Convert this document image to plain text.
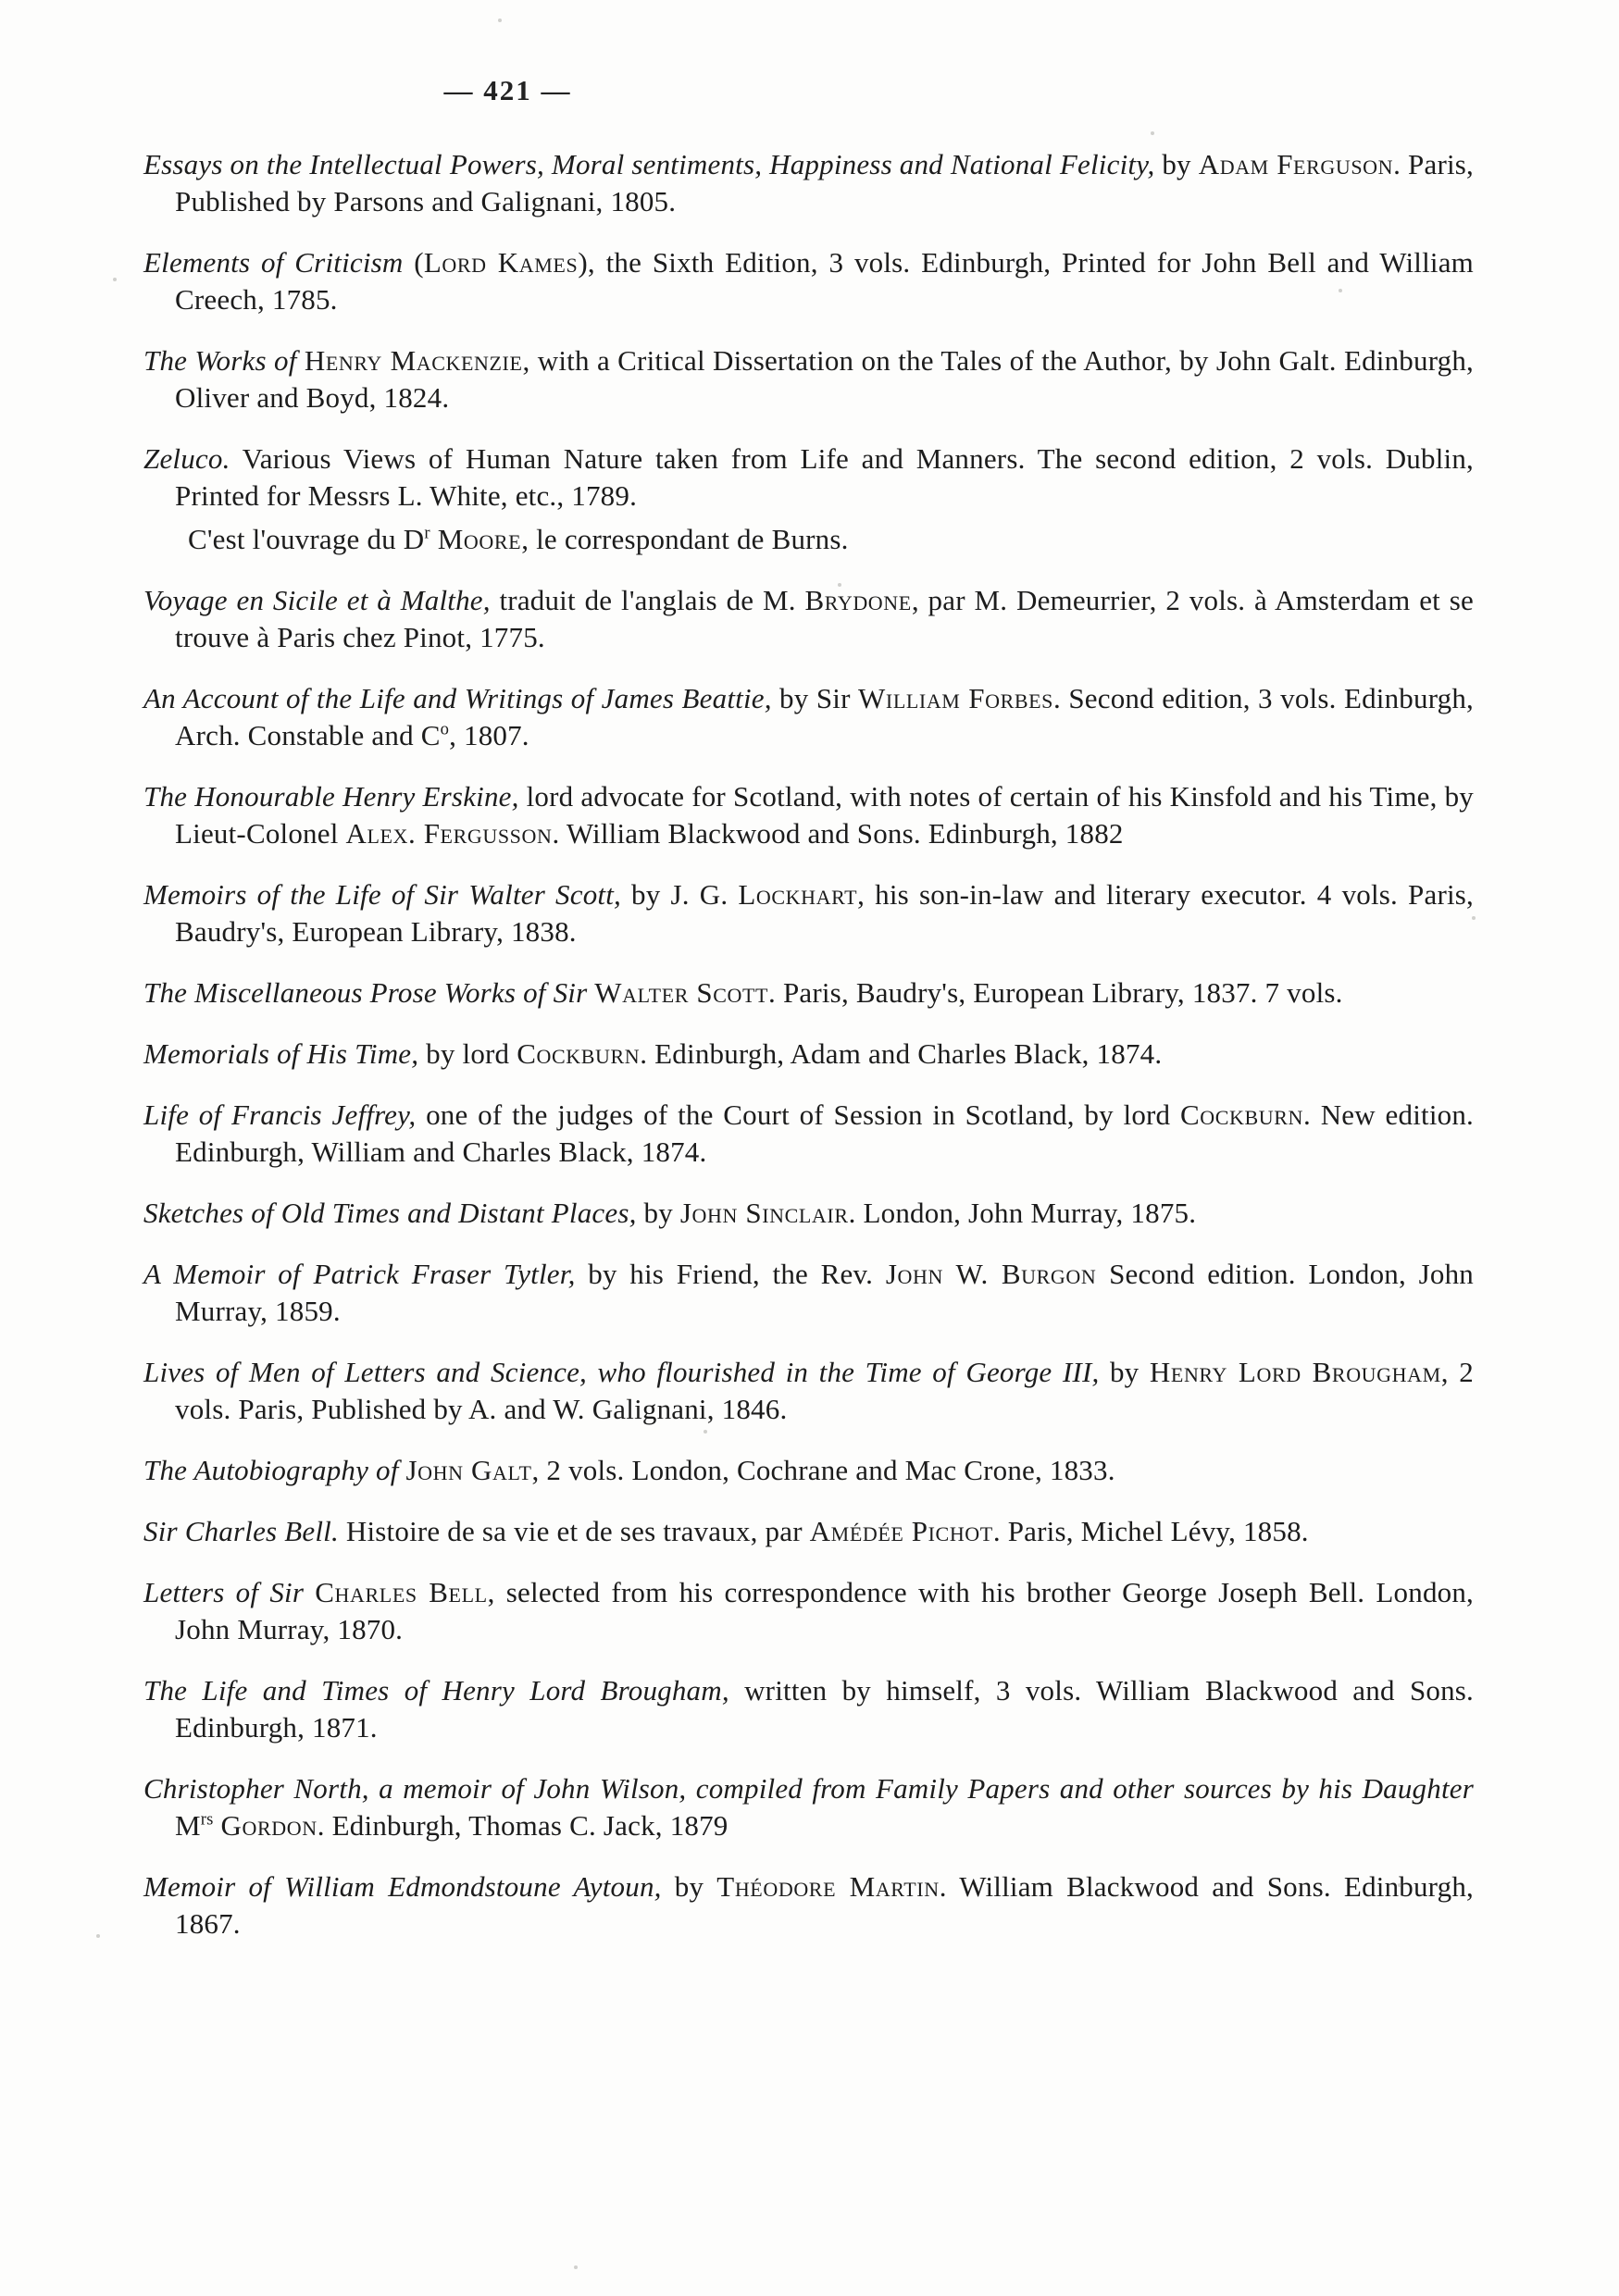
— 421 —

Essays on the Intellectual Powers, Moral sentiments, Happiness and National Felicity, by Adam Ferguson. Paris, Published by Parsons and Galignani, 1805.

Elements of Criticism (Lord Kames), the Sixth Edition, 3 vols. Edinburgh, Printed for John Bell and William Creech, 1785.

The Works of Henry Mackenzie, with a Critical Dissertation on the Tales of the Author, by John Galt. Edinburgh, Oliver and Boyd, 1824.

Zeluco. Various Views of Human Nature taken from Life and Manners. The second edition, 2 vols. Dublin, Printed for Messrs L. White, etc., 1789.

C'est l'ouvrage du $D^r$ Moore, le correspondant de Burns.

Voyage en Sicile et à Malthe, traduit de l'anglais de M. Brydone, par M. Demeurrier, 2 vols. à Amsterdam et se trouve à Paris chez Pinot, 1775.

An Account of the Life and Writings of James Beattie, by Sir William Forbes. Second edition, 3 vols. Edinburgh, Arch. Constable and $C^o$, 1807.

The Honourable Henry Erskine, lord advocate for Scotland, with notes of certain of his Kinsfold and his Time, by Lieut-Colonel Alex. Fergusson. William Blackwood and Sons. Edinburgh, 1882

Memoirs of the Life of Sir Walter Scott, by J. G. Lockhart, his son-in-law and literary executor. 4 vols. Paris, Baudry's, European Library, 1838.

The Miscellaneous Prose Works of Sir Walter Scott. Paris, Baudry's, European Library, 1837. 7 vols.

Memorials of His Time, by lord Cockburn. Edinburgh, Adam and Charles Black, 1874.

Life of Francis Jeffrey, one of the judges of the Court of Session in Scotland, by lord Cockburn. New edition. Edinburgh, William and Charles Black, 1874.

Sketches of Old Times and Distant Places, by John Sinclair. London, John Murray, 1875.

A Memoir of Patrick Fraser Tytler, by his Friend, the Rev. John W. Burgon Second edition. London, John Murray, 1859.

Lives of Men of Letters and Science, who flourished in the Time of George III, by Henry Lord Brougham, 2 vols. Paris, Published by A. and W. Galignani, 1846.

The Autobiography of John Galt, 2 vols. London, Cochrane and Mac Crone, 1833.

Sir Charles Bell. Histoire de sa vie et de ses travaux, par Amédée Pichot. Paris, Michel Lévy, 1858.

Letters of Sir Charles Bell, selected from his correspondence with his brother George Joseph Bell. London, John Murray, 1870.

The Life and Times of Henry Lord Brougham, written by himself, 3 vols. William Blackwood and Sons. Edinburgh, 1871.

Christopher North, a memoir of John Wilson, compiled from Family Papers and other sources by his Daughter $M^{rs}$ Gordon. Edinburgh, Thomas C. Jack, 1879

Memoir of William Edmondstoune Aytoun, by Théodore Martin. William Blackwood and Sons. Edinburgh, 1867.
